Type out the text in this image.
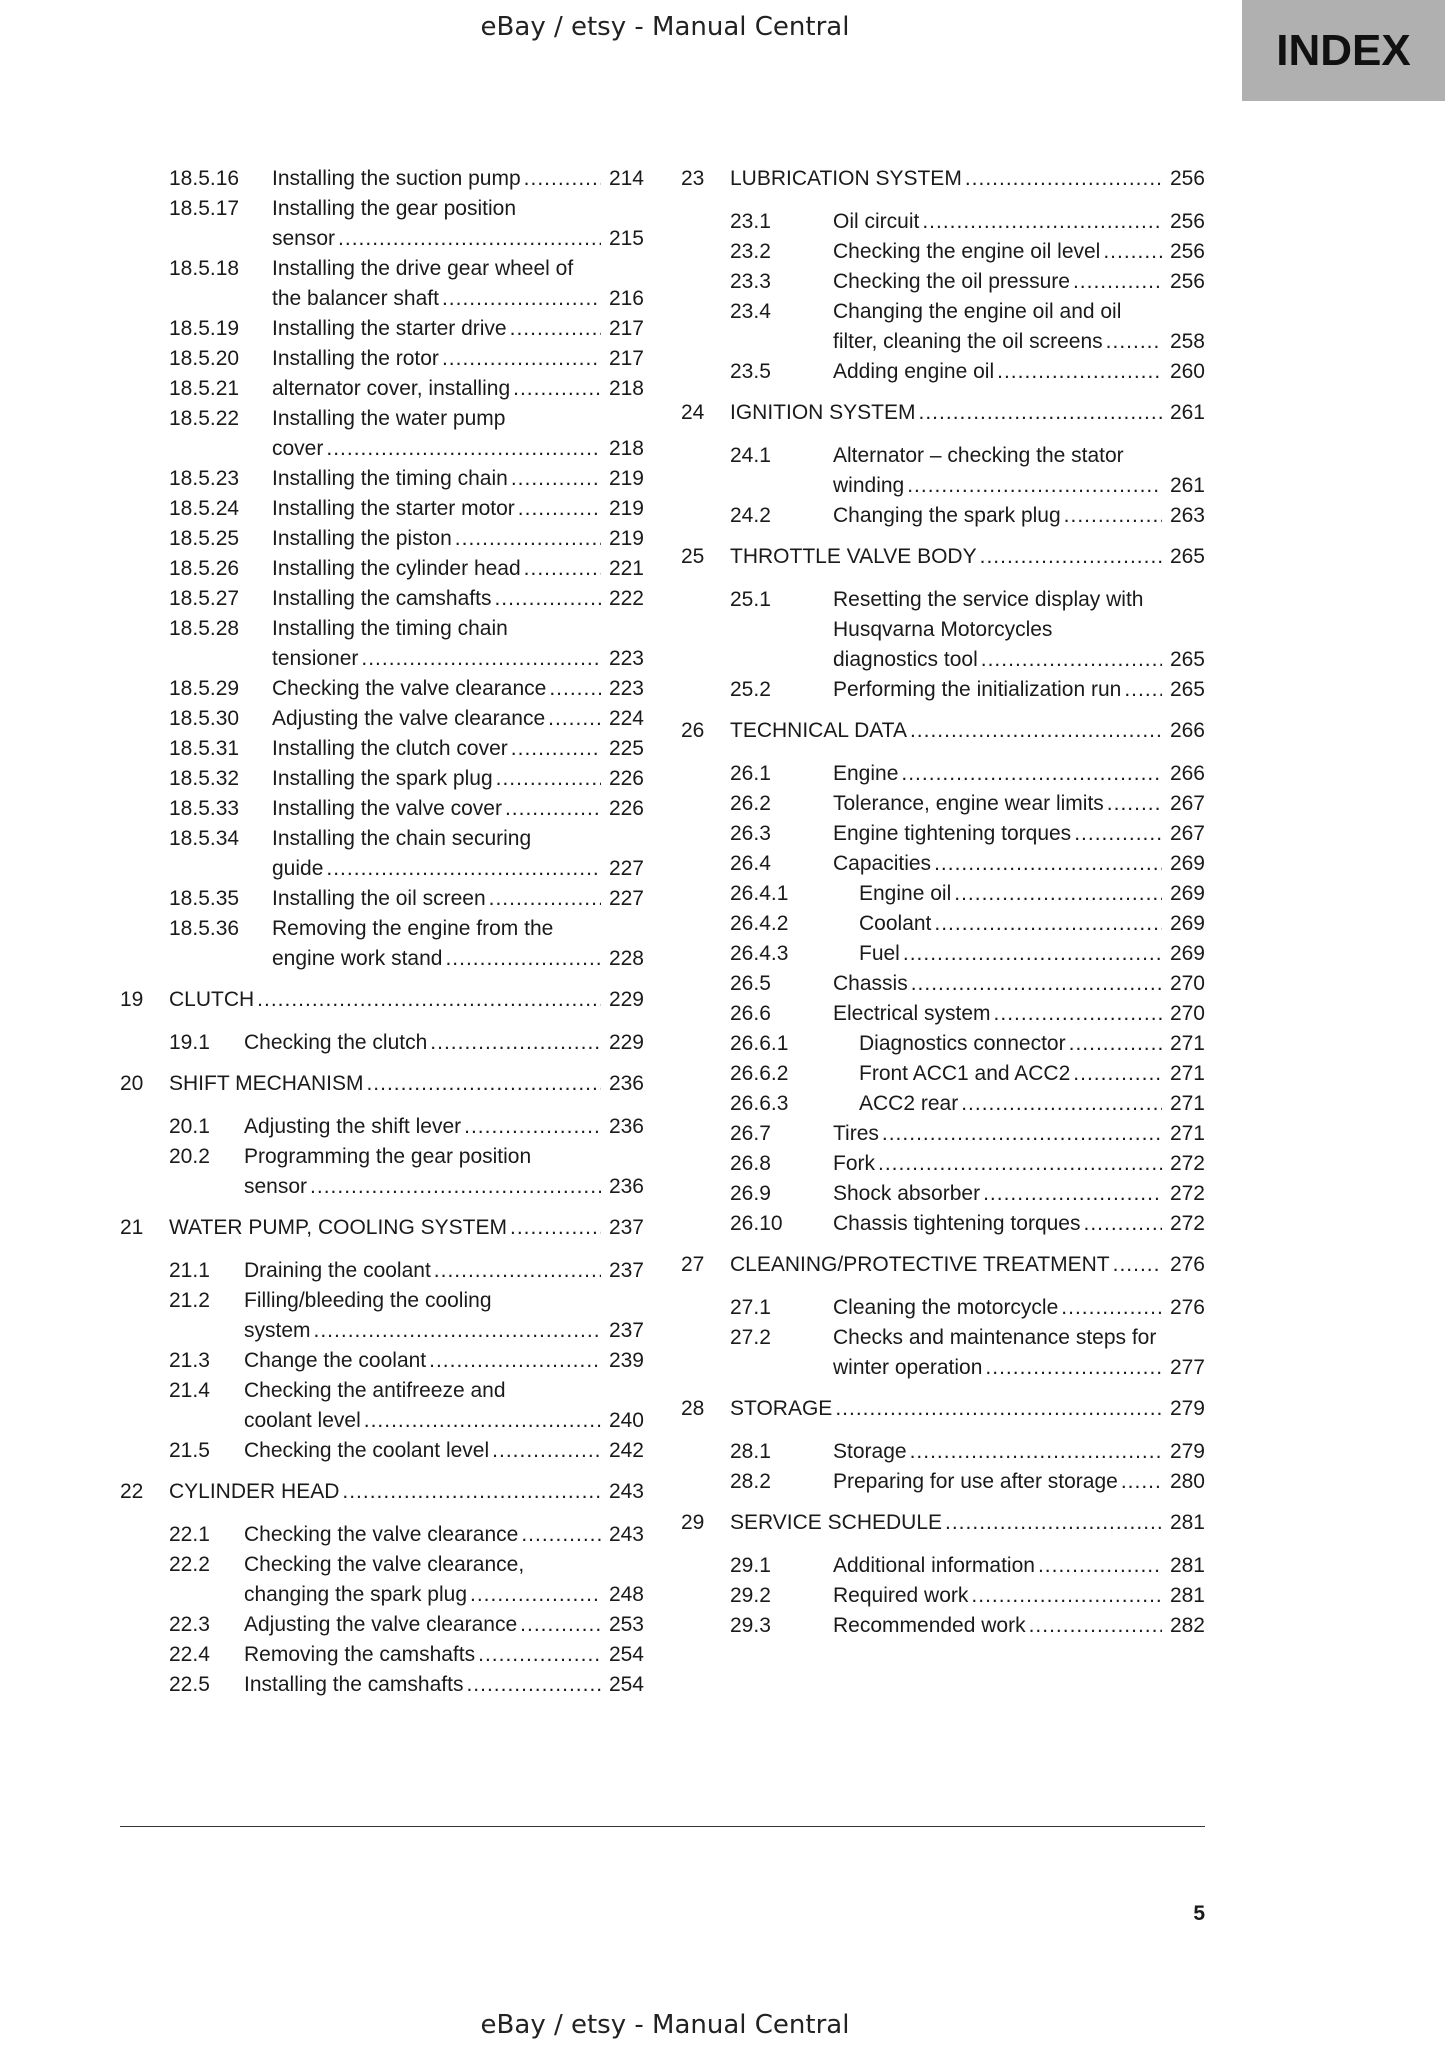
eBay / etsy - Manual Central	INDEX
18.5.16	Installing the suction pump .....	214
18.5.17	Installing the gear position
sensor .....	215
18.5.18	Installing the drive gear wheel of
the balancer shaft .....	216
18.5.19	Installing the starter drive .....	217
18.5.20	Installing the rotor .....	217
18.5.21	alternator cover, installing .....	218
18.5.22	Installing the water pump
cover .....	218
18.5.23	Installing the timing chain .....	219
18.5.24	Installing the starter motor .....	219
18.5.25	Installing the piston .....	219
18.5.26	Installing the cylinder head .....	221
18.5.27	Installing the camshafts .....	222
18.5.28	Installing the timing chain
tensioner .....	223
18.5.29	Checking the valve clearance .....	223
18.5.30	Adjusting the valve clearance .....	224
18.5.31	Installing the clutch cover .....	225
18.5.32	Installing the spark plug .....	226
18.5.33	Installing the valve cover .....	226
18.5.34	Installing the chain securing
guide .....	227
18.5.35	Installing the oil screen .....	227
18.5.36	Removing the engine from the
engine work stand .....	228
19	CLUTCH .....	229
19.1	Checking the clutch .....	229
20	SHIFT MECHANISM .....	236
20.1	Adjusting the shift lever .....	236
20.2	Programming the gear position
sensor .....	236
21	WATER PUMP, COOLING SYSTEM .....	237
21.1	Draining the coolant .....	237
21.2	Filling/bleeding the cooling
system .....	237
21.3	Change the coolant .....	239
21.4	Checking the antifreeze and
coolant level .....	240
21.5	Checking the coolant level .....	242
22	CYLINDER HEAD .....	243
22.1	Checking the valve clearance .....	243
22.2	Checking the valve clearance,
changing the spark plug .....	248
22.3	Adjusting the valve clearance .....	253
22.4	Removing the camshafts .....	254
22.5	Installing the camshafts .....	254
23	LUBRICATION SYSTEM .....	256
23.1	Oil circuit .....	256
23.2	Checking the engine oil level .....	256
23.3	Checking the oil pressure .....	256
23.4	Changing the engine oil and oil
filter, cleaning the oil screens .....	258
23.5	Adding engine oil .....	260
24	IGNITION SYSTEM .....	261
24.1	Alternator – checking the stator
winding .....	261
24.2	Changing the spark plug .....	263
25	THROTTLE VALVE BODY .....	265
25.1	Resetting the service display with
Husqvarna Motorcycles
diagnostics tool .....	265
25.2	Performing the initialization run ..... 265
26	TECHNICAL DATA .....	266
26.1	Engine .....	266
26.2	Tolerance, engine wear limits .....	267
26.3	Engine tightening torques .....	267
26.4	Capacities .....	269
26.4.1	Engine oil .....	269
26.4.2	Coolant .....	269
26.4.3	Fuel .....	269
26.5	Chassis .....	270
26.6	Electrical system .....	270
26.6.1	Diagnostics connector .....	271
26.6.2	Front ACC1 and ACC2 .....	271
26.6.3	ACC2 rear .....	271
26.7	Tires .....	271
26.8	Fork .....	272
26.9	Shock absorber .....	272
26.10	Chassis tightening torques .....	272
27	CLEANING/PROTECTIVE TREATMENT .....	276
27.1	Cleaning the motorcycle .....	276
27.2	Checks and maintenance steps for
winter operation .....	277
28	STORAGE .....	279
28.1	Storage .....	279
28.2	Preparing for use after storage ..... 280
29	SERVICE SCHEDULE .....	281
29.1	Additional information .....	281
29.2	Required work .....	281
29.3	Recommended work .....	282
5
eBay / etsy - Manual Central
